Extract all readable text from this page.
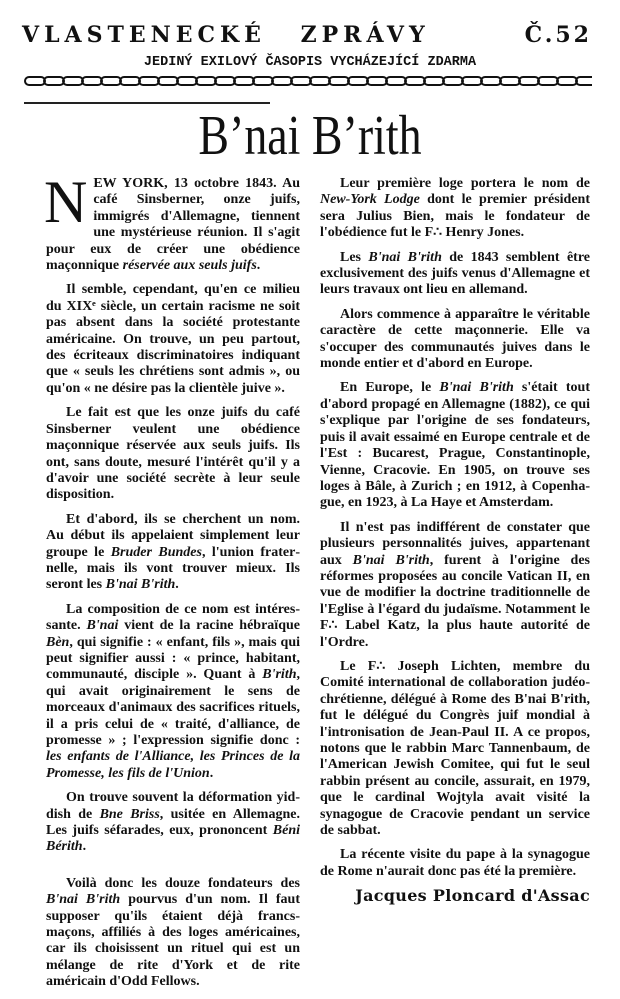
VLASTENECKÉ ZPRÁVY	Č.52
JEDINÝ EXILOVÝ ČASOPIS VYCHÁZEJÍCÍ ZDARMA
B’nai B’rith

NEW YORK, 13 octobre 1843. Au café Sinsberner, onze juifs, immigrés d'Allemagne, tiennent une mystérieuse réunion. Il s'agit pour eux de créer une obédience maçonnique réservée aux seuls juifs.

Il semble, cependant, qu'en ce milieu du XIXᵉ siècle, un certain racisme ne soit pas absent dans la société protestante américaine. On trouve, un peu partout, des écriteaux discriminatoires indiquant que « seuls les chrétiens sont admis », ou qu'on « ne désire pas la clientèle juive ».

Le fait est que les onze juifs du café Sinsberner veulent une obédience maçonnique réservée aux seuls juifs. Ils ont, sans doute, mesuré l'intérêt qu'il y a d'avoir une société secrète à leur seule disposition.

Et d'abord, ils se cherchent un nom. Au début ils appelaient simplement leur groupe le Bruder Bundes, l'union fraternelle, mais ils vont trouver mieux. Ils seront les B'nai B'rith.

La composition de ce nom est intéressante. B'nai vient de la racine hébraïque Bèn, qui signifie : « enfant, fils », mais qui peut signifier aussi : « prince, habitant, communauté, disciple ». Quant à B'rith, qui avait originairement le sens de morceaux d'animaux des sacrifices rituels, il a pris celui de « traité, d'alliance, de promesse » ; l'expression signifie donc : les enfants de l'Alliance, les Princes de la Promesse, les fils de l'Union.

On trouve souvent la déformation yiddish de Bne Briss, usitée en Allemagne. Les juifs séfarades, eux, prononcent Béni Bérith.

Voilà donc les douze fondateurs des B'nai B'rith pourvus d'un nom. Il faut supposer qu'ils étaient déjà francs-maçons, affiliés à des loges américaines, car ils choisissent un rituel qui est un mélange de rite d'York et de rite américain d'Odd Fellows.

Leur première loge portera le nom de New-York Lodge dont le premier président sera Julius Bien, mais le fondateur de l'obédience fut le F∴ Henry Jones.

Les B'nai B'rith de 1843 semblent être exclusivement des juifs venus d'Allemagne et leurs travaux ont lieu en allemand.

Alors commence à apparaître le véritable caractère de cette maçonnerie. Elle va s'occuper des communautés juives dans le monde entier et d'abord en Europe.

En Europe, le B'nai B'rith s'était tout d'abord propagé en Allemagne (1882), ce qui s'explique par l'origine de ses fondateurs, puis il avait essaimé en Europe centrale et de l'Est : Bucarest, Prague, Constantinople, Vienne, Cracovie. En 1905, on trouve ses loges à Bâle, à Zurich ; en 1912, à Copenhague, en 1923, à La Haye et Amsterdam.

Il n'est pas indifférent de constater que plusieurs personnalités juives, appartenant aux B'nai B'rith, furent à l'origine des réformes proposées au concile Vatican II, en vue de modifier la doctrine traditionnelle de l'Eglise à l'égard du judaïsme. Notamment le F∴ Label Katz, la plus haute autorité de l'Ordre.

Le F∴ Joseph Lichten, membre du Comité international de collaboration judéo-chrétienne, délégué à Rome des B'nai B'rith, fut le délégué du Congrès juif mondial à l'intronisation de Jean-Paul II. A ce propos, notons que le rabbin Marc Tannenbaum, de l'American Jewish Comitee, qui fut le seul rabbin présent au concile, assurait, en 1979, que le cardinal Wojtyla avait visité la synagogue de Cracovie pendant un service de sabbat.

La récente visite du pape à la synagogue de Rome n'aurait donc pas été la première.

Jacques Ploncard d'Assac
